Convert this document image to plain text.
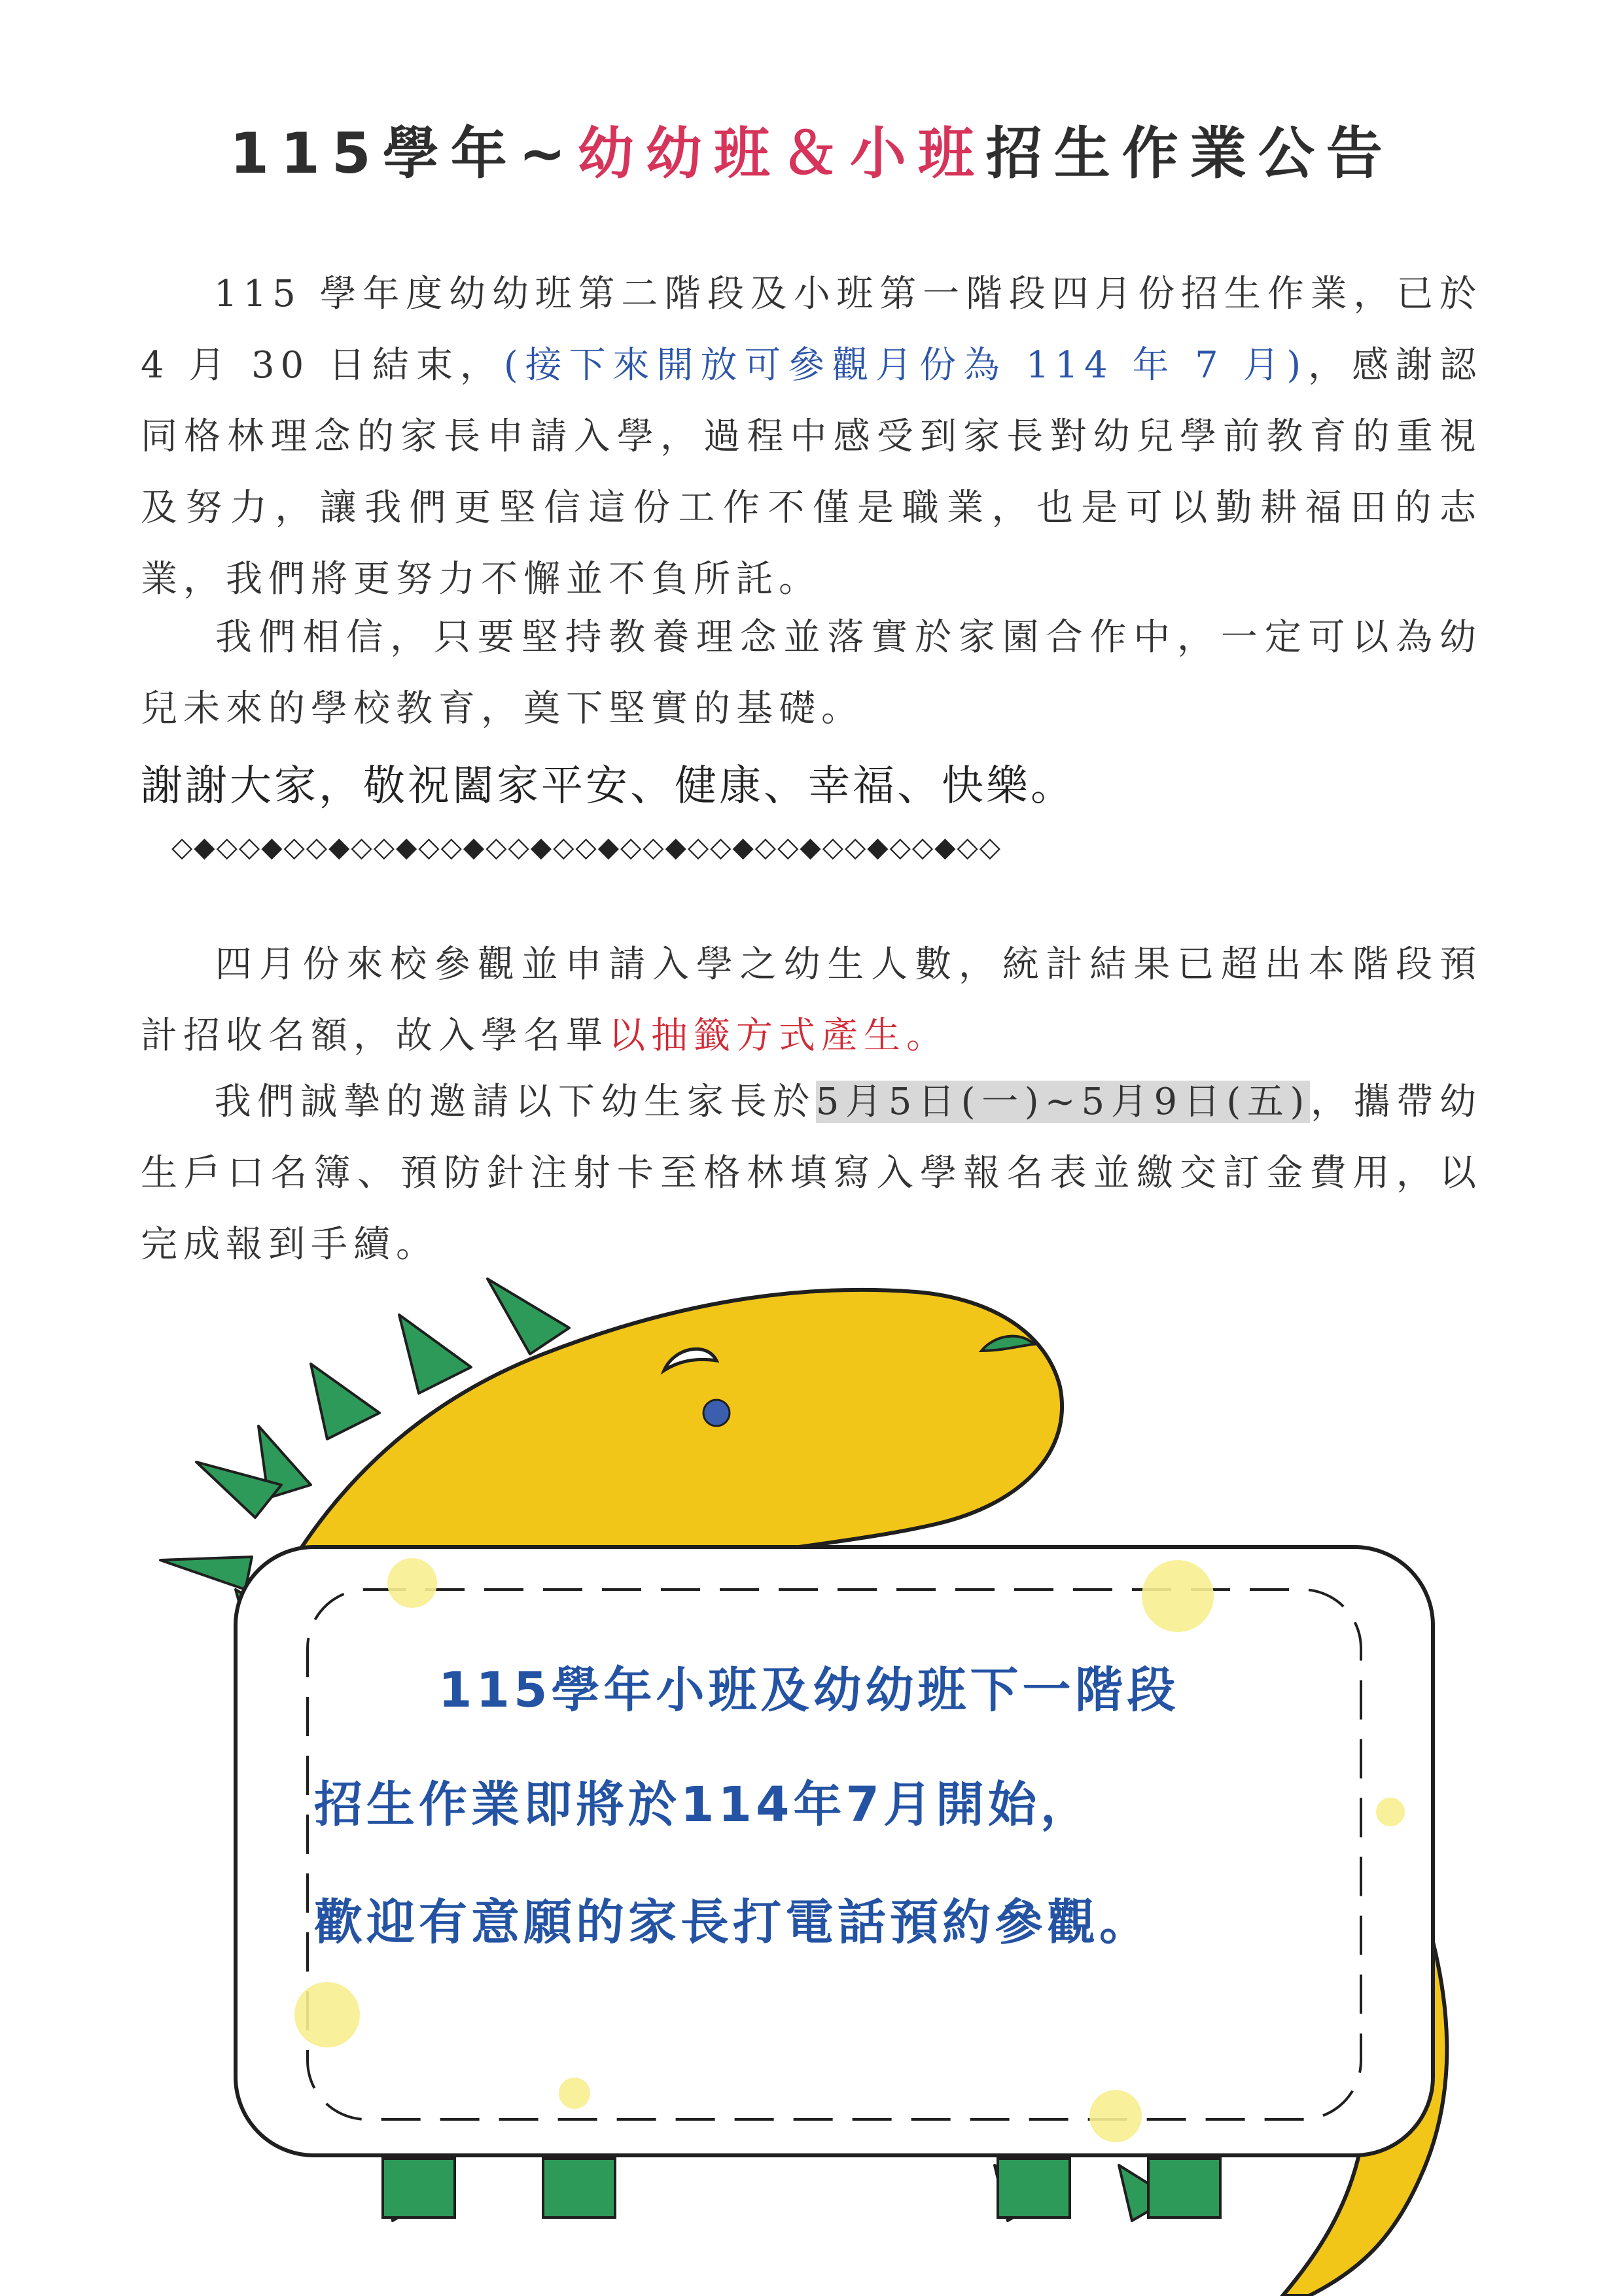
115學年~幼幼班＆小班招生作業公告
115 學年度幼幼班第二階段及小班第一階段四月份招生作業，已於 4 月 30 日結束，(接下來開放可參觀月份為 114 年 7 月)，感謝認同格林理念的家長申請入學，過程中感受到家長對幼兒學前教育的重視及努力，讓我們更堅信這份工作不僅是職業，也是可以勤耕福田的志業，我們將更努力不懈並不負所託。
我們相信，只要堅持教養理念並落實於家園合作中，一定可以為幼兒未來的學校教育，奠下堅實的基礎。
謝謝大家，敬祝闔家平安、健康、幸福、快樂。
◇◆◇◇◆◇◇◆◇◇◆◇◇◆◇◇◆◇◇◆◇◇◆◇◇◆◇◇◆◇◇◆◇◇◆◇◇
四月份來校參觀並申請入學之幼生人數，統計結果已超出本階段預計招收名額，故入學名單以抽籤方式產生。
我們誠摯的邀請以下幼生家長於5月5日(一)~5月9日(五)，攜帶幼生戶口名簿、預防針注射卡至格林填寫入學報名表並繳交訂金費用，以完成報到手續。
115學年小班及幼幼班下一階段
招生作業即將於114年7月開始，
歡迎有意願的家長打電話預約參觀。
